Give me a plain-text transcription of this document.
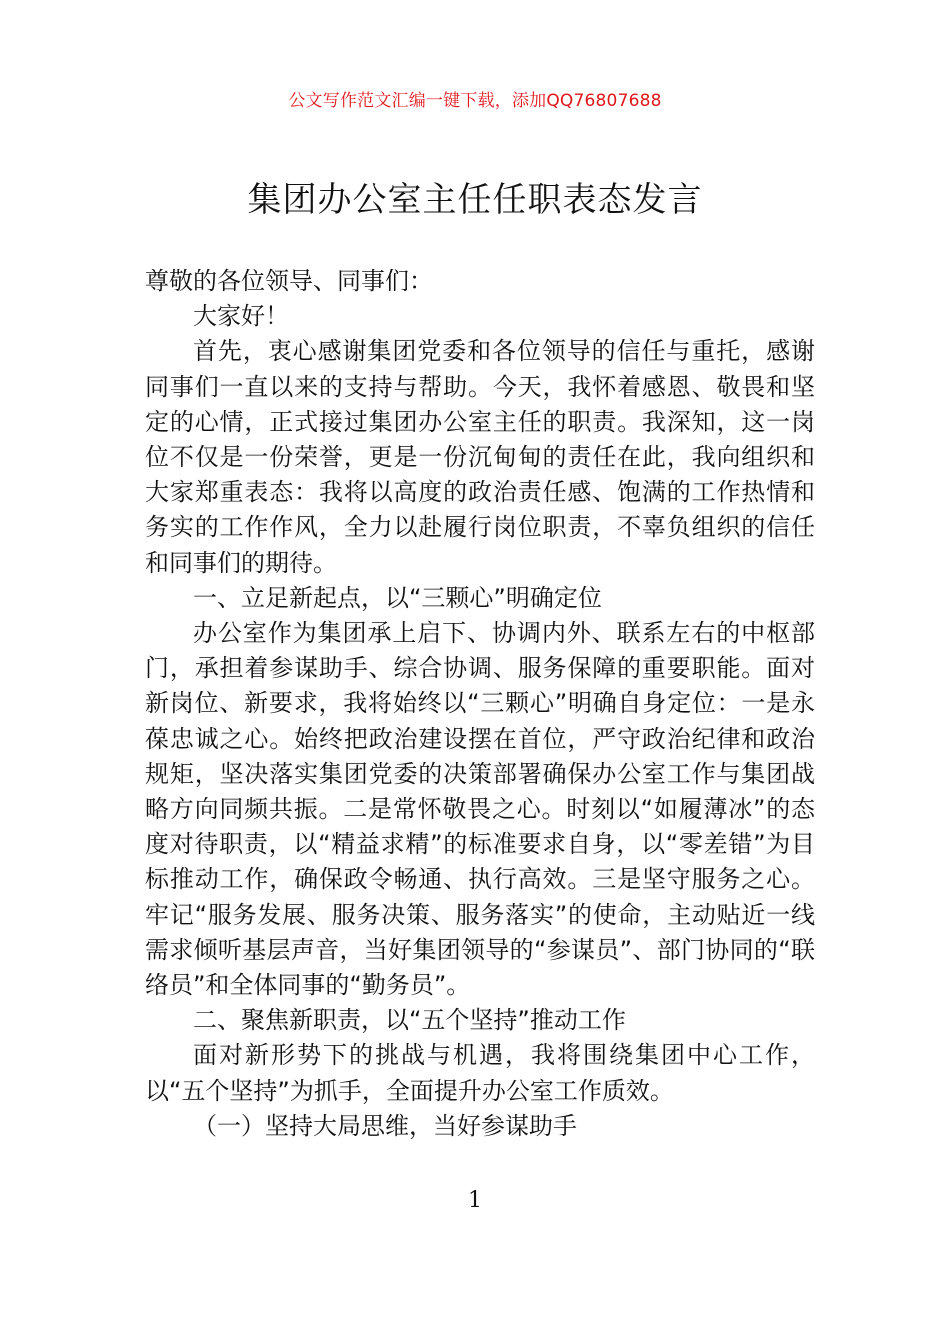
公文写作范文汇编一键下载，添加QQ76807688
集团办公室主任任职表态发言

尊敬的各位领导、同事们：

大家好！

首先，衷心感谢集团党委和各位领导的信任与重托，感谢同事们一直以来的支持与帮助。今天，我怀着感恩、敬畏和坚定的心情，正式接过集团办公室主任的职责。我深知，这一岗位不仅是一份荣誉，更是一份沉甸甸的责任在此，我向组织和大家郑重表态：我将以高度的政治责任感、饱满的工作热情和务实的工作作风，全力以赴履行岗位职责，不辜负组织的信任和同事们的期待。

一、立足新起点，以“三颗心”明确定位

办公室作为集团承上启下、协调内外、联系左右的中枢部门，承担着参谋助手、综合协调、服务保障的重要职能。面对新岗位、新要求，我将始终以“三颗心”明确自身定位：一是永葆忠诚之心。始终把政治建设摆在首位，严守政治纪律和政治规矩，坚决落实集团党委的决策部署确保办公室工作与集团战略方向同频共振。二是常怀敬畏之心。时刻以“如履薄冰”的态度对待职责，以“精益求精”的标准要求自身，以“零差错”为目标推动工作，确保政令畅通、执行高效。三是坚守服务之心。牢记“服务发展、服务决策、服务落实”的使命，主动贴近一线需求倾听基层声音，当好集团领导的“参谋员”、部门协同的“联络员”和全体同事的“勤务员”。

二、聚焦新职责，以“五个坚持”推动工作

面对新形势下的挑战与机遇，我将围绕集团中心工作，以“五个坚持”为抓手，全面提升办公室工作质效。

（一）坚持大局思维，当好参谋助手

1
